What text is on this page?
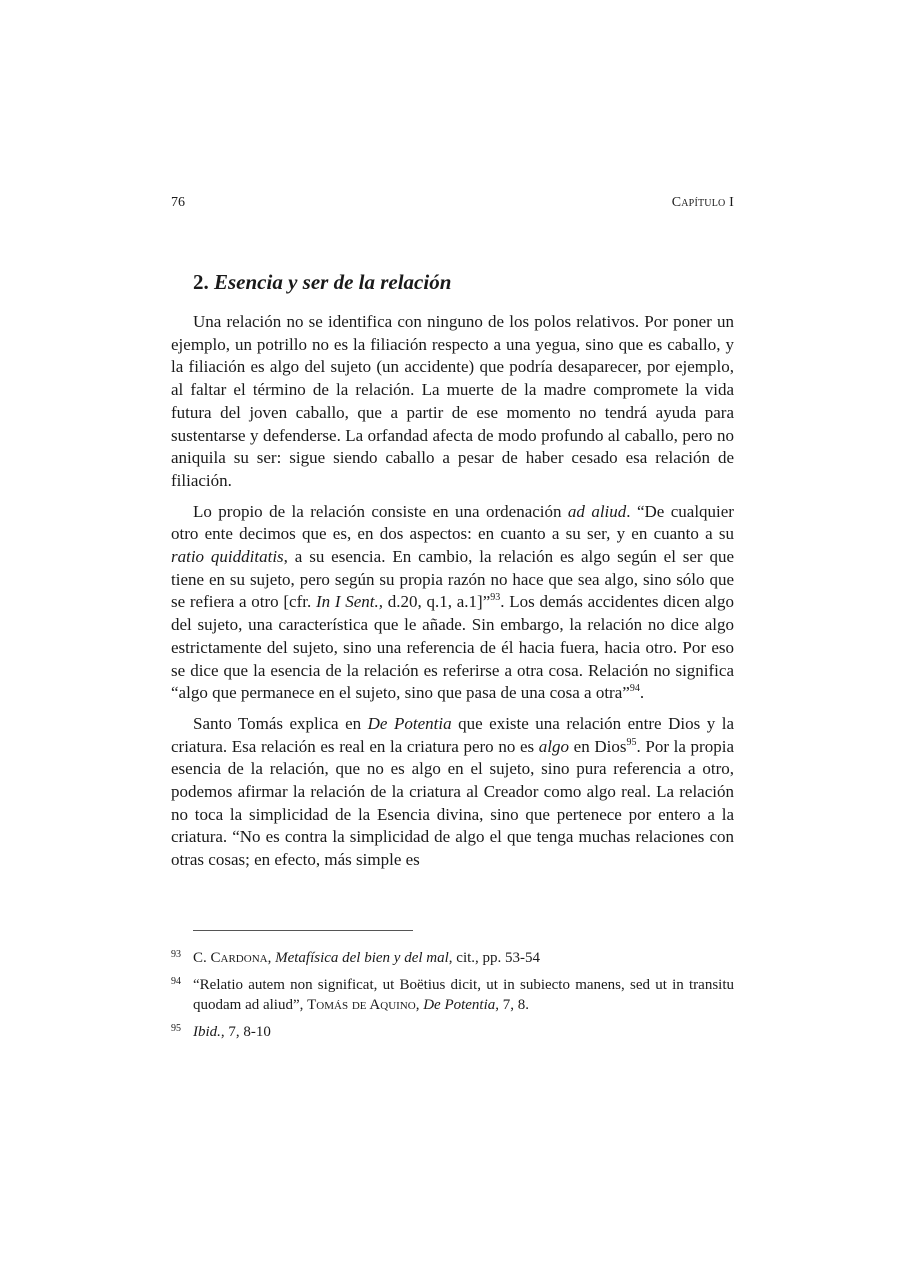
76	Capítulo I
2. Esencia y ser de la relación

Una relación no se identifica con ninguno de los polos relativos. Por poner un ejemplo, un potrillo no es la filiación respecto a una yegua, sino que es caballo, y la filiación es algo del sujeto (un accidente) que podría desaparecer, por ejemplo, al faltar el término de la relación. La muerte de la madre compromete la vida futura del joven caballo, que a partir de ese momento no tendrá ayuda para sustentarse y defenderse. La orfandad afecta de modo profundo al caballo, pero no aniquila su ser: sigue siendo caballo a pesar de haber cesado esa relación de filiación.

Lo propio de la relación consiste en una ordenación ad aliud. “De cualquier otro ente decimos que es, en dos aspectos: en cuanto a su ser, y en cuanto a su ratio quidditatis, a su esencia. En cambio, la relación es algo según el ser que tiene en su sujeto, pero según su propia razón no hace que sea algo, sino sólo que se refiera a otro [cfr. In I Sent., d.20, q.1, a.1]”$^{93}$. Los demás accidentes dicen algo del sujeto, una característica que le añade. Sin embargo, la relación no dice algo estrictamente del sujeto, sino una referencia de él hacia fuera, hacia otro. Por eso se dice que la esencia de la relación es referirse a otra cosa. Relación no significa “algo que permanece en el sujeto, sino que pasa de una cosa a otra”$^{94}$.

Santo Tomás explica en De Potentia que existe una relación entre Dios y la criatura. Esa relación es real en la criatura pero no es algo en Dios$^{95}$. Por la propia esencia de la relación, que no es algo en el sujeto, sino pura referencia a otro, podemos afirmar la relación de la criatura al Creador como algo real. La relación no toca la simplicidad de la Esencia divina, sino que pertenece por entero a la criatura. “No es contra la simplicidad de algo el que tenga muchas relaciones con otras cosas; en efecto, más simple es

93 C. Cardona, Metafísica del bien y del mal, cit., pp. 53-54
94 “Relatio autem non significat, ut Boëtius dicit, ut in subiecto manens, sed ut in transitu quodam ad aliud”, Tomás de Aquino, De Potentia, 7, 8.
95 Ibid., 7, 8-10
